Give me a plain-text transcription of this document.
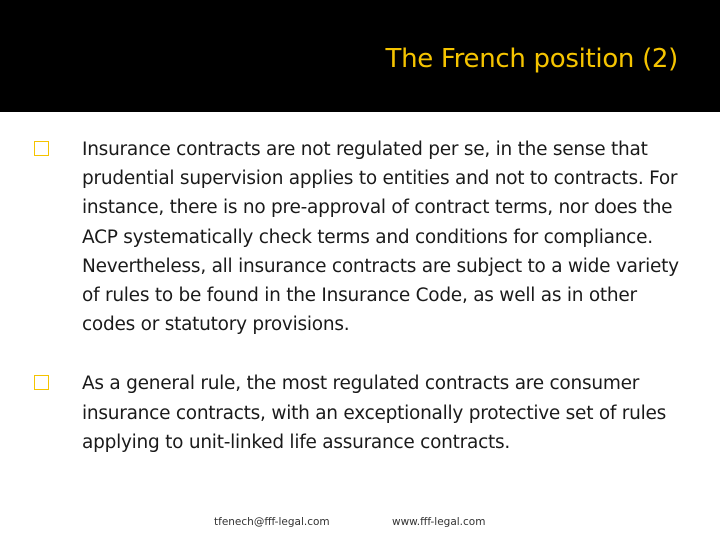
The French position (2)
Insurance contracts are not regulated per se, in the sense that prudential supervision applies to entities and not to contracts. For instance, there is no pre-approval of contract terms, nor does the ACP systematically check terms and conditions for compliance. Nevertheless, all insurance contracts are subject to a wide variety of rules to be found in the Insurance Code, as well as in other codes or statutory provisions.
As a general rule, the most regulated contracts are consumer insurance contracts, with an exceptionally protective set of rules applying to unit-linked life assurance contracts.
tfenech@fff-legal.com	www.fff-legal.com
